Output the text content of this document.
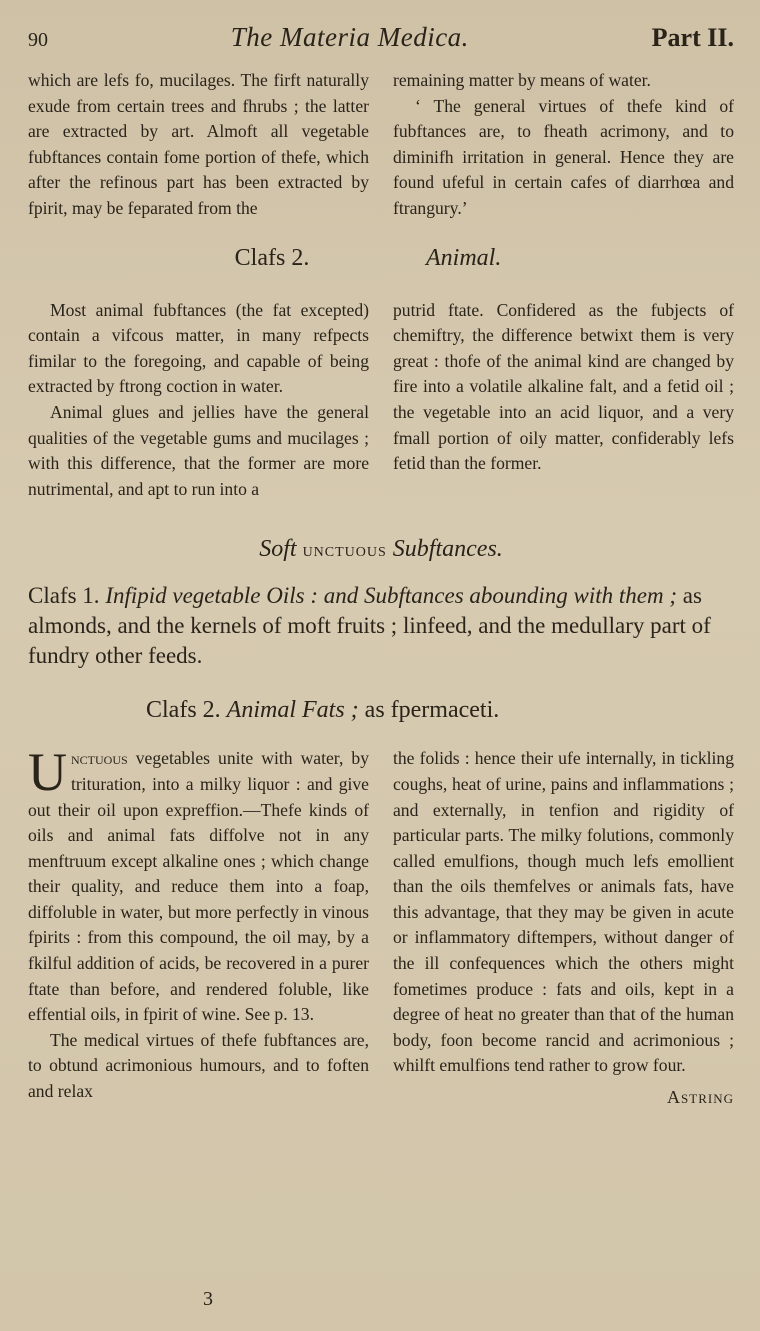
90	The Materia Medica.	Part II.

which are lefs fo, mucilages. The firft naturally exude from certain trees and fhrubs ; the latter are extracted by art. Almoft all vegetable fubftances contain fome portion of thefe, which after the refinous part has been extracted by fpirit, may be feparated from the

remaining matter by means of water.

‘ The general virtues of thefe kind of fubftances are, to fheath acrimony, and to diminifh irritation in general. Hence they are found ufeful in certain cafes of diarrhœa and ftrangury.’

Clafs 2.	Animal.

Most animal fubftances (the fat excepted) contain a vifcous matter, in many refpects fimilar to the foregoing, and capable of being extracted by ftrong coction in water.

Animal glues and jellies have the general qualities of the vegetable gums and mucilages ; with this difference, that the former are more nutrimental, and apt to run into a

putrid ftate. Confidered as the fubjects of chemiftry, the difference betwixt them is very great : thofe of the animal kind are changed by fire into a volatile alkaline falt, and a fetid oil ; the vegetable into an acid liquor, and a very fmall portion of oily matter, confiderably lefs fetid than the former.

Soft unctuous Subftances.

Clafs 1. Infipid vegetable Oils : and Subftances abounding with them ; as almonds, and the kernels of moft fruits ; linfeed, and the medullary part of fundry other feeds.

Clafs 2. Animal Fats ; as fpermaceti.

Unctuous vegetables unite with water, by trituration, into a milky liquor : and give out their oil upon expreffion.—Thefe kinds of oils and animal fats diffolve not in any menftruum except alkaline ones ; which change their quality, and reduce them into a foap, diffoluble in water, but more perfectly in vinous fpirits : from this compound, the oil may, by a fkilful addition of acids, be recovered in a purer ftate than before, and rendered foluble, like effential oils, in fpirit of wine. See p. 13.

The medical virtues of thefe fubftances are, to obtund acrimonious humours, and to foften and relax

the folids : hence their ufe internally, in tickling coughs, heat of urine, pains and inflammations ; and externally, in tenfion and rigidity of particular parts. The milky folutions, commonly called emulfions, though much lefs emollient than the oils themfelves or animals fats, have this advantage, that they may be given in acute or inflammatory diftempers, without danger of the ill confequences which the others might fometimes produce : fats and oils, kept in a degree of heat no greater than that of the human body, foon become rancid and acrimonious ; whilft emulfions tend rather to grow four.

Astring
3
